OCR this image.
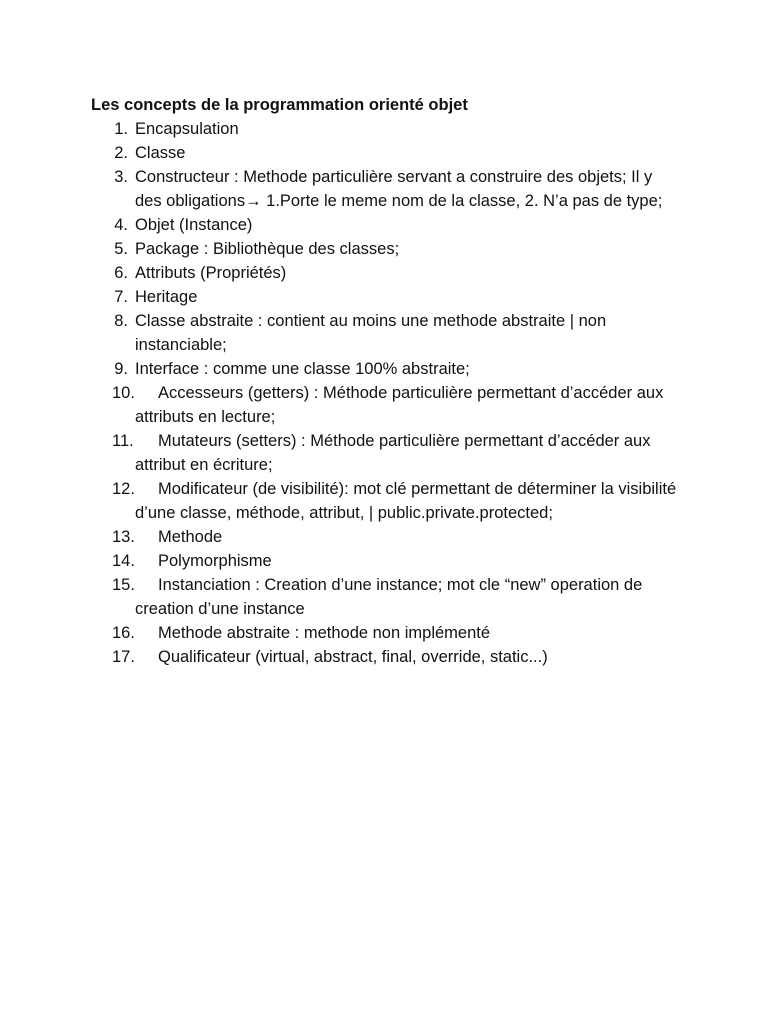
Les concepts de la programmation orienté objet
1. Encapsulation
2. Classe
3. Constructeur : Methode particulière servant a construire des objets; Il y des obligations→ 1.Porte le meme nom de la classe, 2. N’a pas de type;
4. Objet (Instance)
5. Package : Bibliothèque des classes;
6. Attributs (Propriétés)
7. Heritage
8. Classe abstraite : contient au moins une methode abstraite | non instanciable;
9. Interface : comme une classe 100% abstraite;
10.	Accesseurs (getters) : Méthode particulière permettant d’accéder aux attributs en lecture;
11.	Mutateurs (setters) : Méthode particulière permettant d’accéder aux attribut en écriture;
12.	Modificateur (de visibilité): mot clé permettant de déterminer la visibilité d’une classe, méthode, attribut, | public.private.protected;
13.	Methode
14.	Polymorphisme
15.	Instanciation : Creation d’une instance; mot cle “new” operation de creation d’une instance
16.	Methode abstraite : methode non implémenté
17.	Qualificateur (virtual, abstract, final, override, static...)
